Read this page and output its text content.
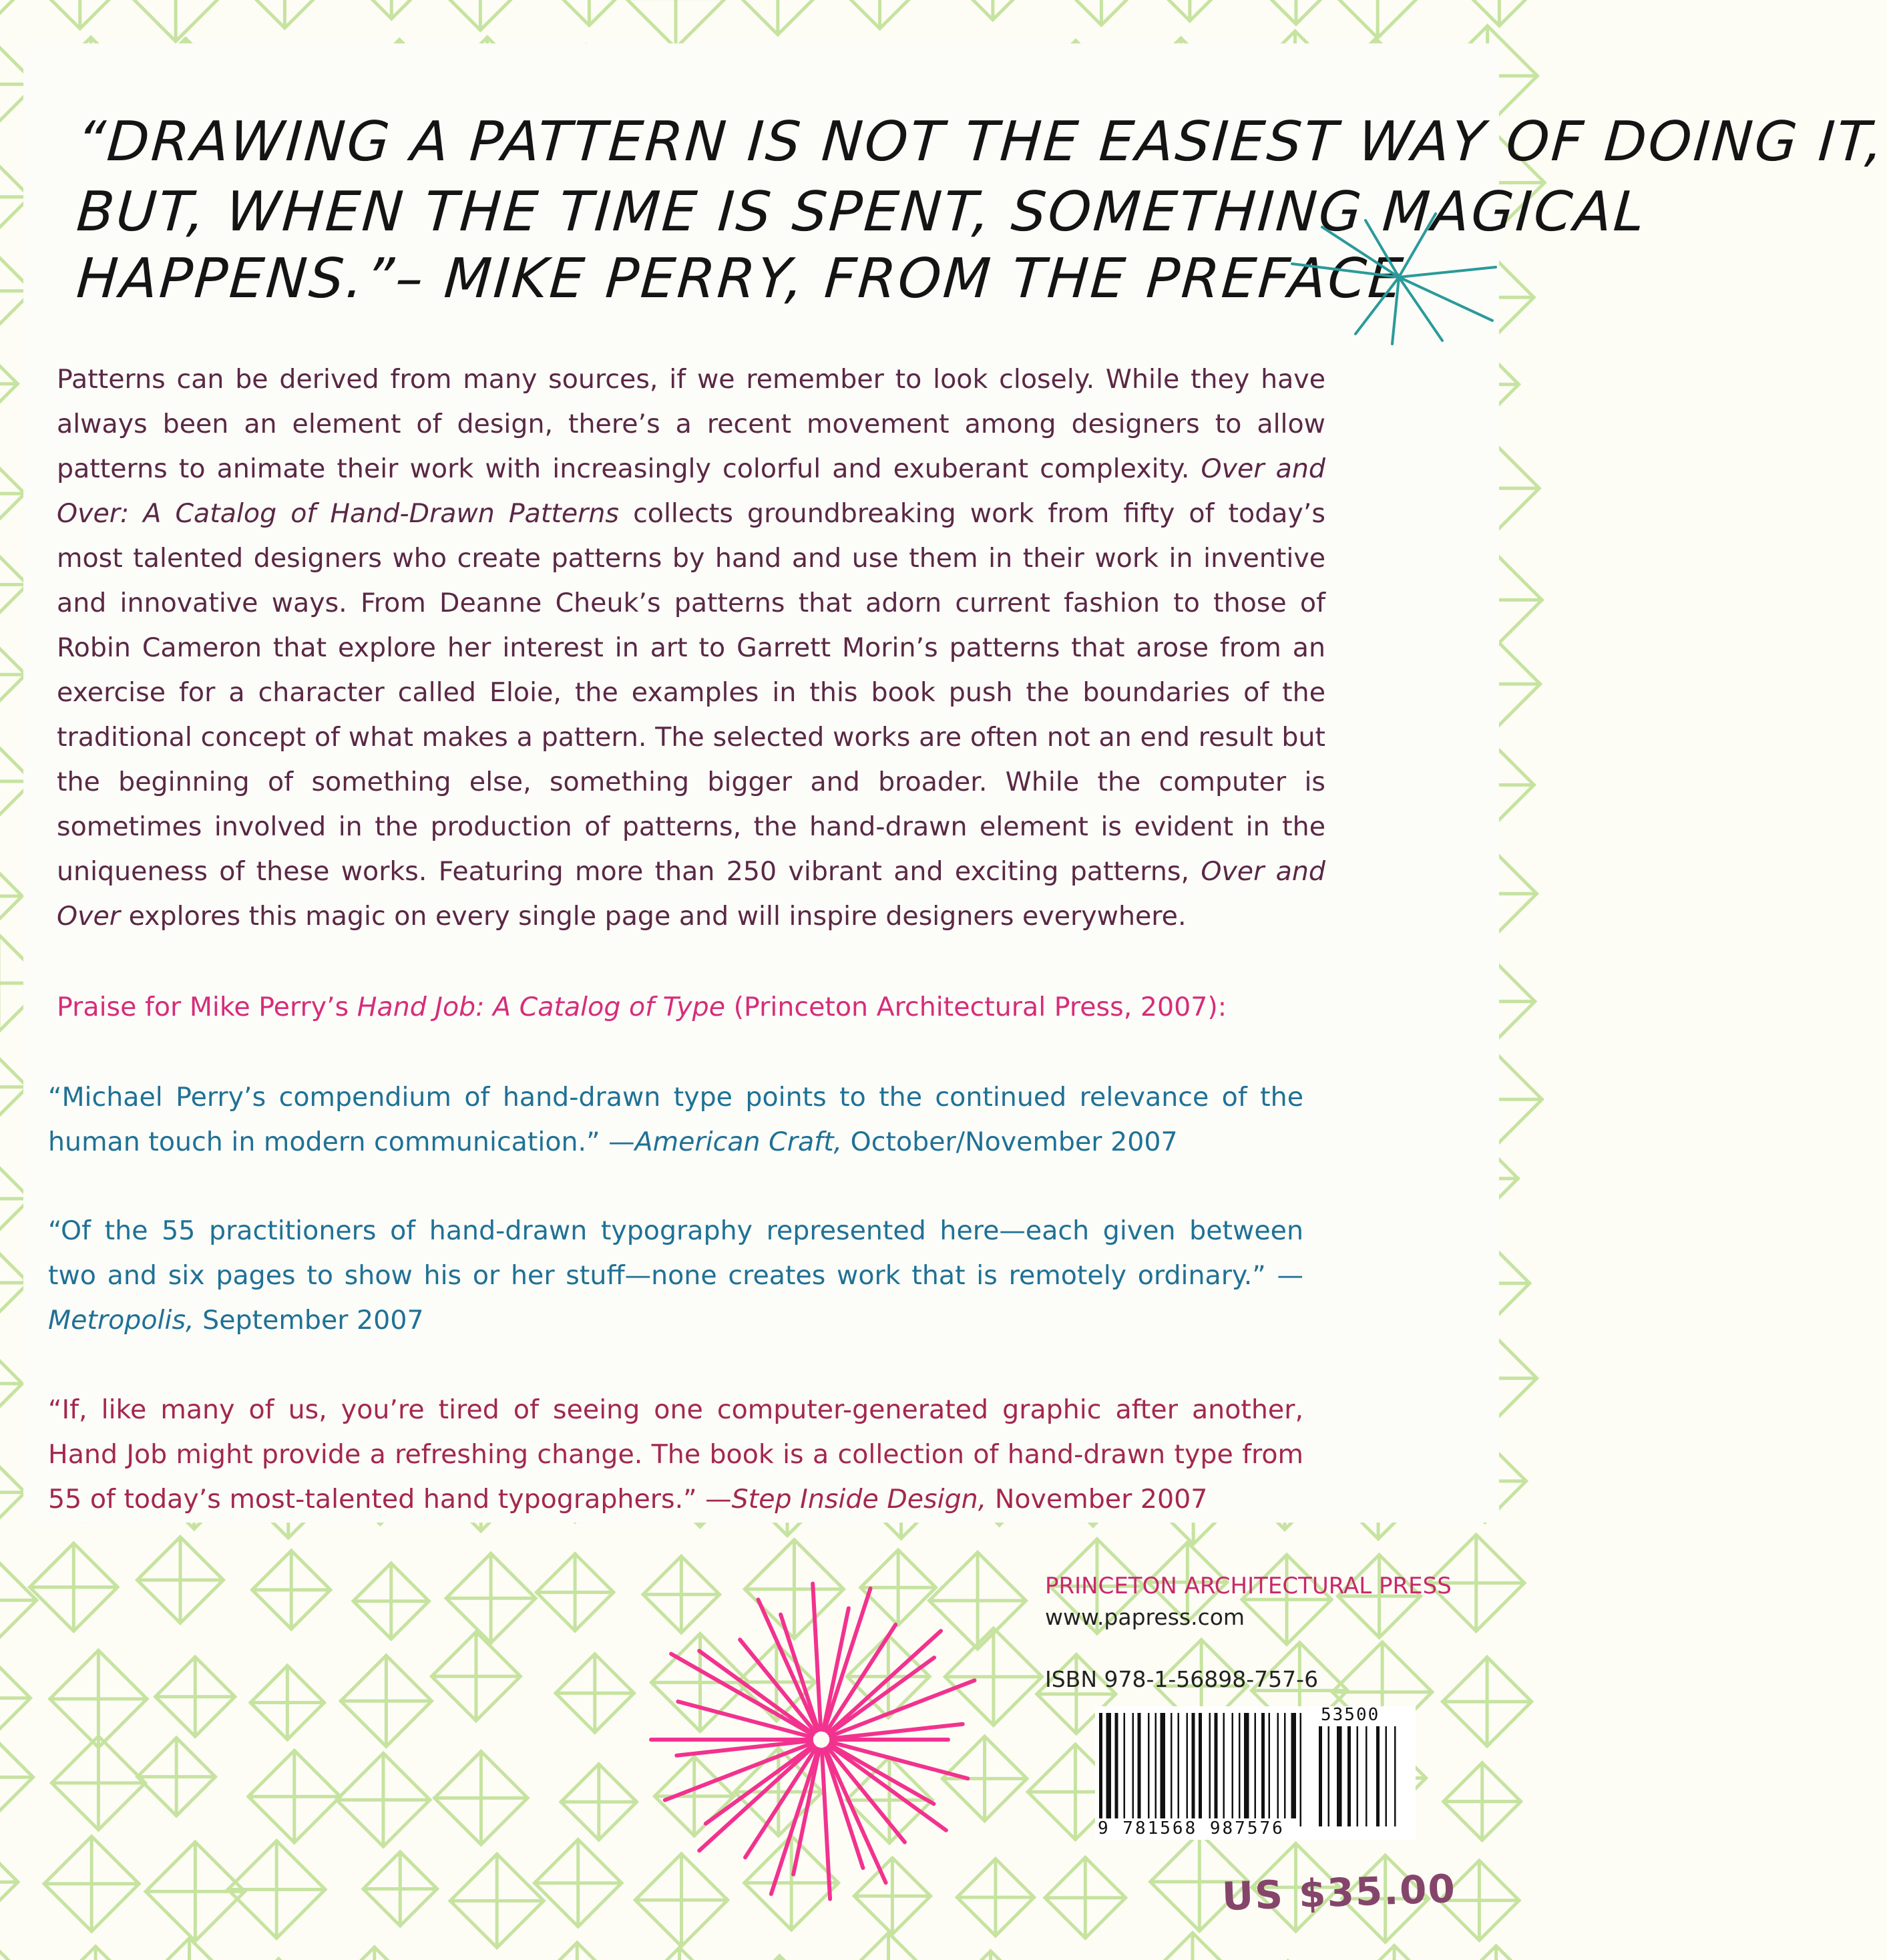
“DRAWING A PATTERN IS NOT THE EASIEST WAY OF DOING IT,
BUT, WHEN THE TIME IS SPENT, SOMETHING MAGICAL
HAPPENS.”– MIKE PERRY, FROM THE PREFACE

Patterns can be derived from many sources, if we remember to look closely. While they have always been an element of design, there’s a recent movement among designers to allow patterns to animate their work with increasingly colorful and exuberant complexity. Over and Over: A Catalog of Hand-Drawn Patterns collects groundbreaking work from fifty of today’s most talented designers who create patterns by hand and use them in their work in inventive and innovative ways. From Deanne Cheuk’s patterns that adorn current fashion to those of Robin Cameron that explore her interest in art to Garrett Morin’s patterns that arose from an exercise for a character called Eloie, the examples in this book push the boundaries of the traditional concept of what makes a pattern. The selected works are often not an end result but the beginning of something else, something bigger and broader. While the computer is sometimes involved in the production of patterns, the hand-drawn element is evident in the uniqueness of these works. Featuring more than 250 vibrant and exciting patterns, Over and Over explores this magic on every single page and will inspire designers everywhere.

Praise for Mike Perry’s Hand Job: A Catalog of Type (Princeton Architectural Press, 2007):

“Michael Perry’s compendium of hand-drawn type points to the continued relevance of the human touch in modern communication.” —American Craft, October/November 2007

“Of the 55 practitioners of hand-drawn typography represented here—each given between two and six pages to show his or her stuff—none creates work that is remotely ordinary.” —Metropolis, September 2007

“If, like many of us, you’re tired of seeing one computer-generated graphic after another, Hand Job might provide a refreshing change. The book is a collection of hand-drawn type from 55 of today’s most-talented hand typographers.” —Step Inside Design, November 2007

PRINCETON ARCHITECTURAL PRESS
www.papress.com
ISBN 978-1-56898-757-6
53500
9 781568 987576
US $35.00
